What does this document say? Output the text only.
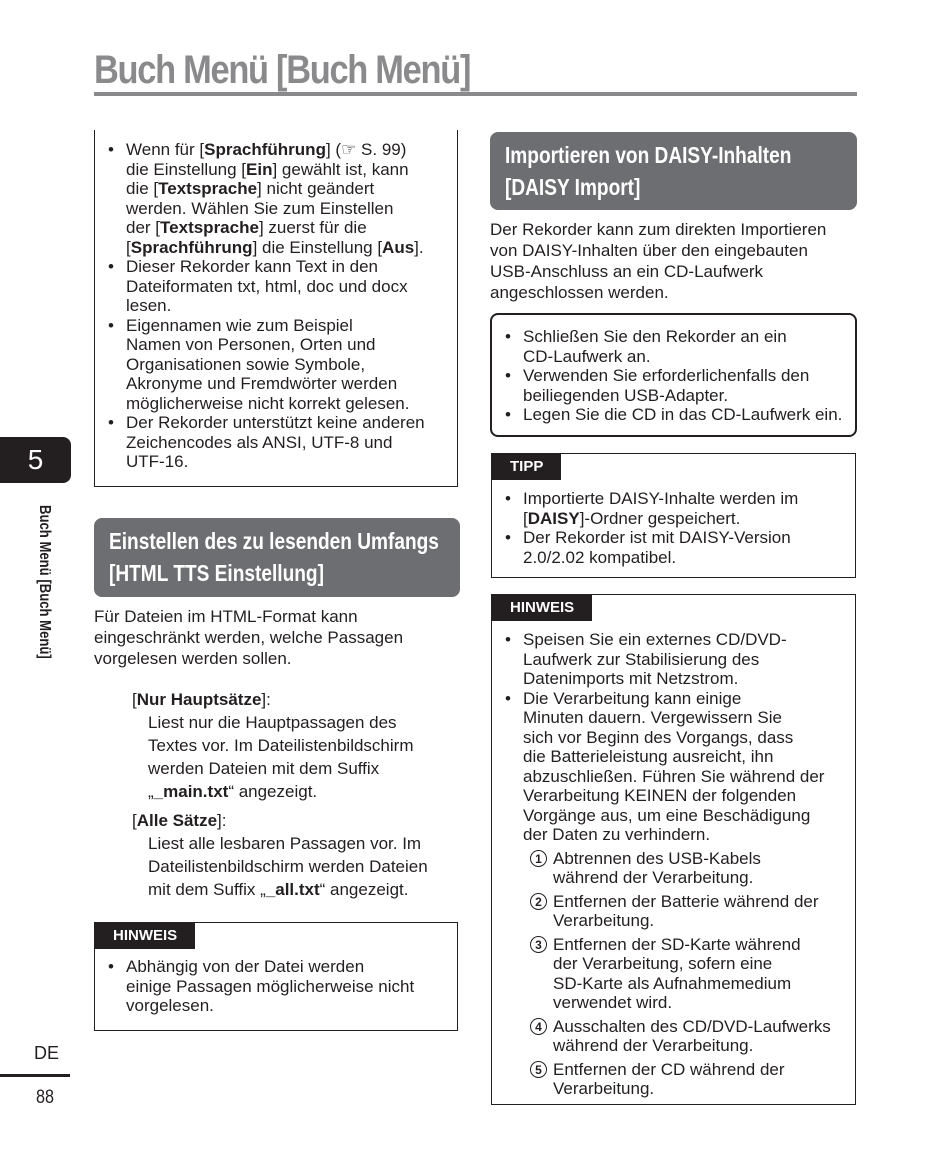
Buch Menü [Buch Menü]
5
Buch Menü [Buch Menü]
DE
88
• Wenn für [Sprachführung] (☞ S. 99)
die Einstellung [Ein] gewählt ist, kann
die [Textsprache] nicht geändert
werden. Wählen Sie zum Einstellen
der [Textsprache] zuerst für die
[Sprachführung] die Einstellung [Aus].
• Dieser Rekorder kann Text in den
Dateiformaten txt, html, doc und docx
lesen.
• Eigennamen wie zum Beispiel
Namen von Personen, Orten und
Organisationen sowie Symbole,
Akronyme und Fremdwörter werden
möglicherweise nicht korrekt gelesen.
• Der Rekorder unterstützt keine anderen
Zeichencodes als ANSI, UTF-8 und
UTF-16.
Einstellen des zu lesenden Umfangs
[HTML TTS Einstellung]
Für Dateien im HTML-Format kann
eingeschränkt werden, welche Passagen
vorgelesen werden sollen.
[Nur Hauptsätze]:
Liest nur die Hauptpassagen des
Textes vor. Im Dateilistenbildschirm
werden Dateien mit dem Suffix
„_main.txt“ angezeigt.
[Alle Sätze]:
Liest alle lesbaren Passagen vor. Im
Dateilistenbildschirm werden Dateien
mit dem Suffix „_all.txt“ angezeigt.
HINWEIS
• Abhängig von der Datei werden
einige Passagen möglicherweise nicht
vorgelesen.
Importieren von DAISY-Inhalten
[DAISY Import]
Der Rekorder kann zum direkten Importieren
von DAISY-Inhalten über den eingebauten
USB-Anschluss an ein CD-Laufwerk
angeschlossen werden.
• Schließen Sie den Rekorder an ein
CD-Laufwerk an.
• Verwenden Sie erforderlichenfalls den
beiliegenden USB-Adapter.
• Legen Sie die CD in das CD-Laufwerk ein.
TIPP
• Importierte DAISY-Inhalte werden im
[DAISY]-Ordner gespeichert.
• Der Rekorder ist mit DAISY-Version
2.0/2.02 kompatibel.
HINWEIS
• Speisen Sie ein externes CD/DVD-
Laufwerk zur Stabilisierung des
Datenimports mit Netzstrom.
• Die Verarbeitung kann einige
Minuten dauern. Vergewissern Sie
sich vor Beginn des Vorgangs, dass
die Batterieleistung ausreicht, ihn
abzuschließen. Führen Sie während der
Verarbeitung KEINEN der folgenden
Vorgänge aus, um eine Beschädigung
der Daten zu verhindern.
1 Abtrennen des USB-Kabels
während der Verarbeitung.
2 Entfernen der Batterie während der
Verarbeitung.
3 Entfernen der SD-Karte während
der Verarbeitung, sofern eine
SD-Karte als Aufnahmemedium
verwendet wird.
4 Ausschalten des CD/DVD-Laufwerks
während der Verarbeitung.
5 Entfernen der CD während der
Verarbeitung.
